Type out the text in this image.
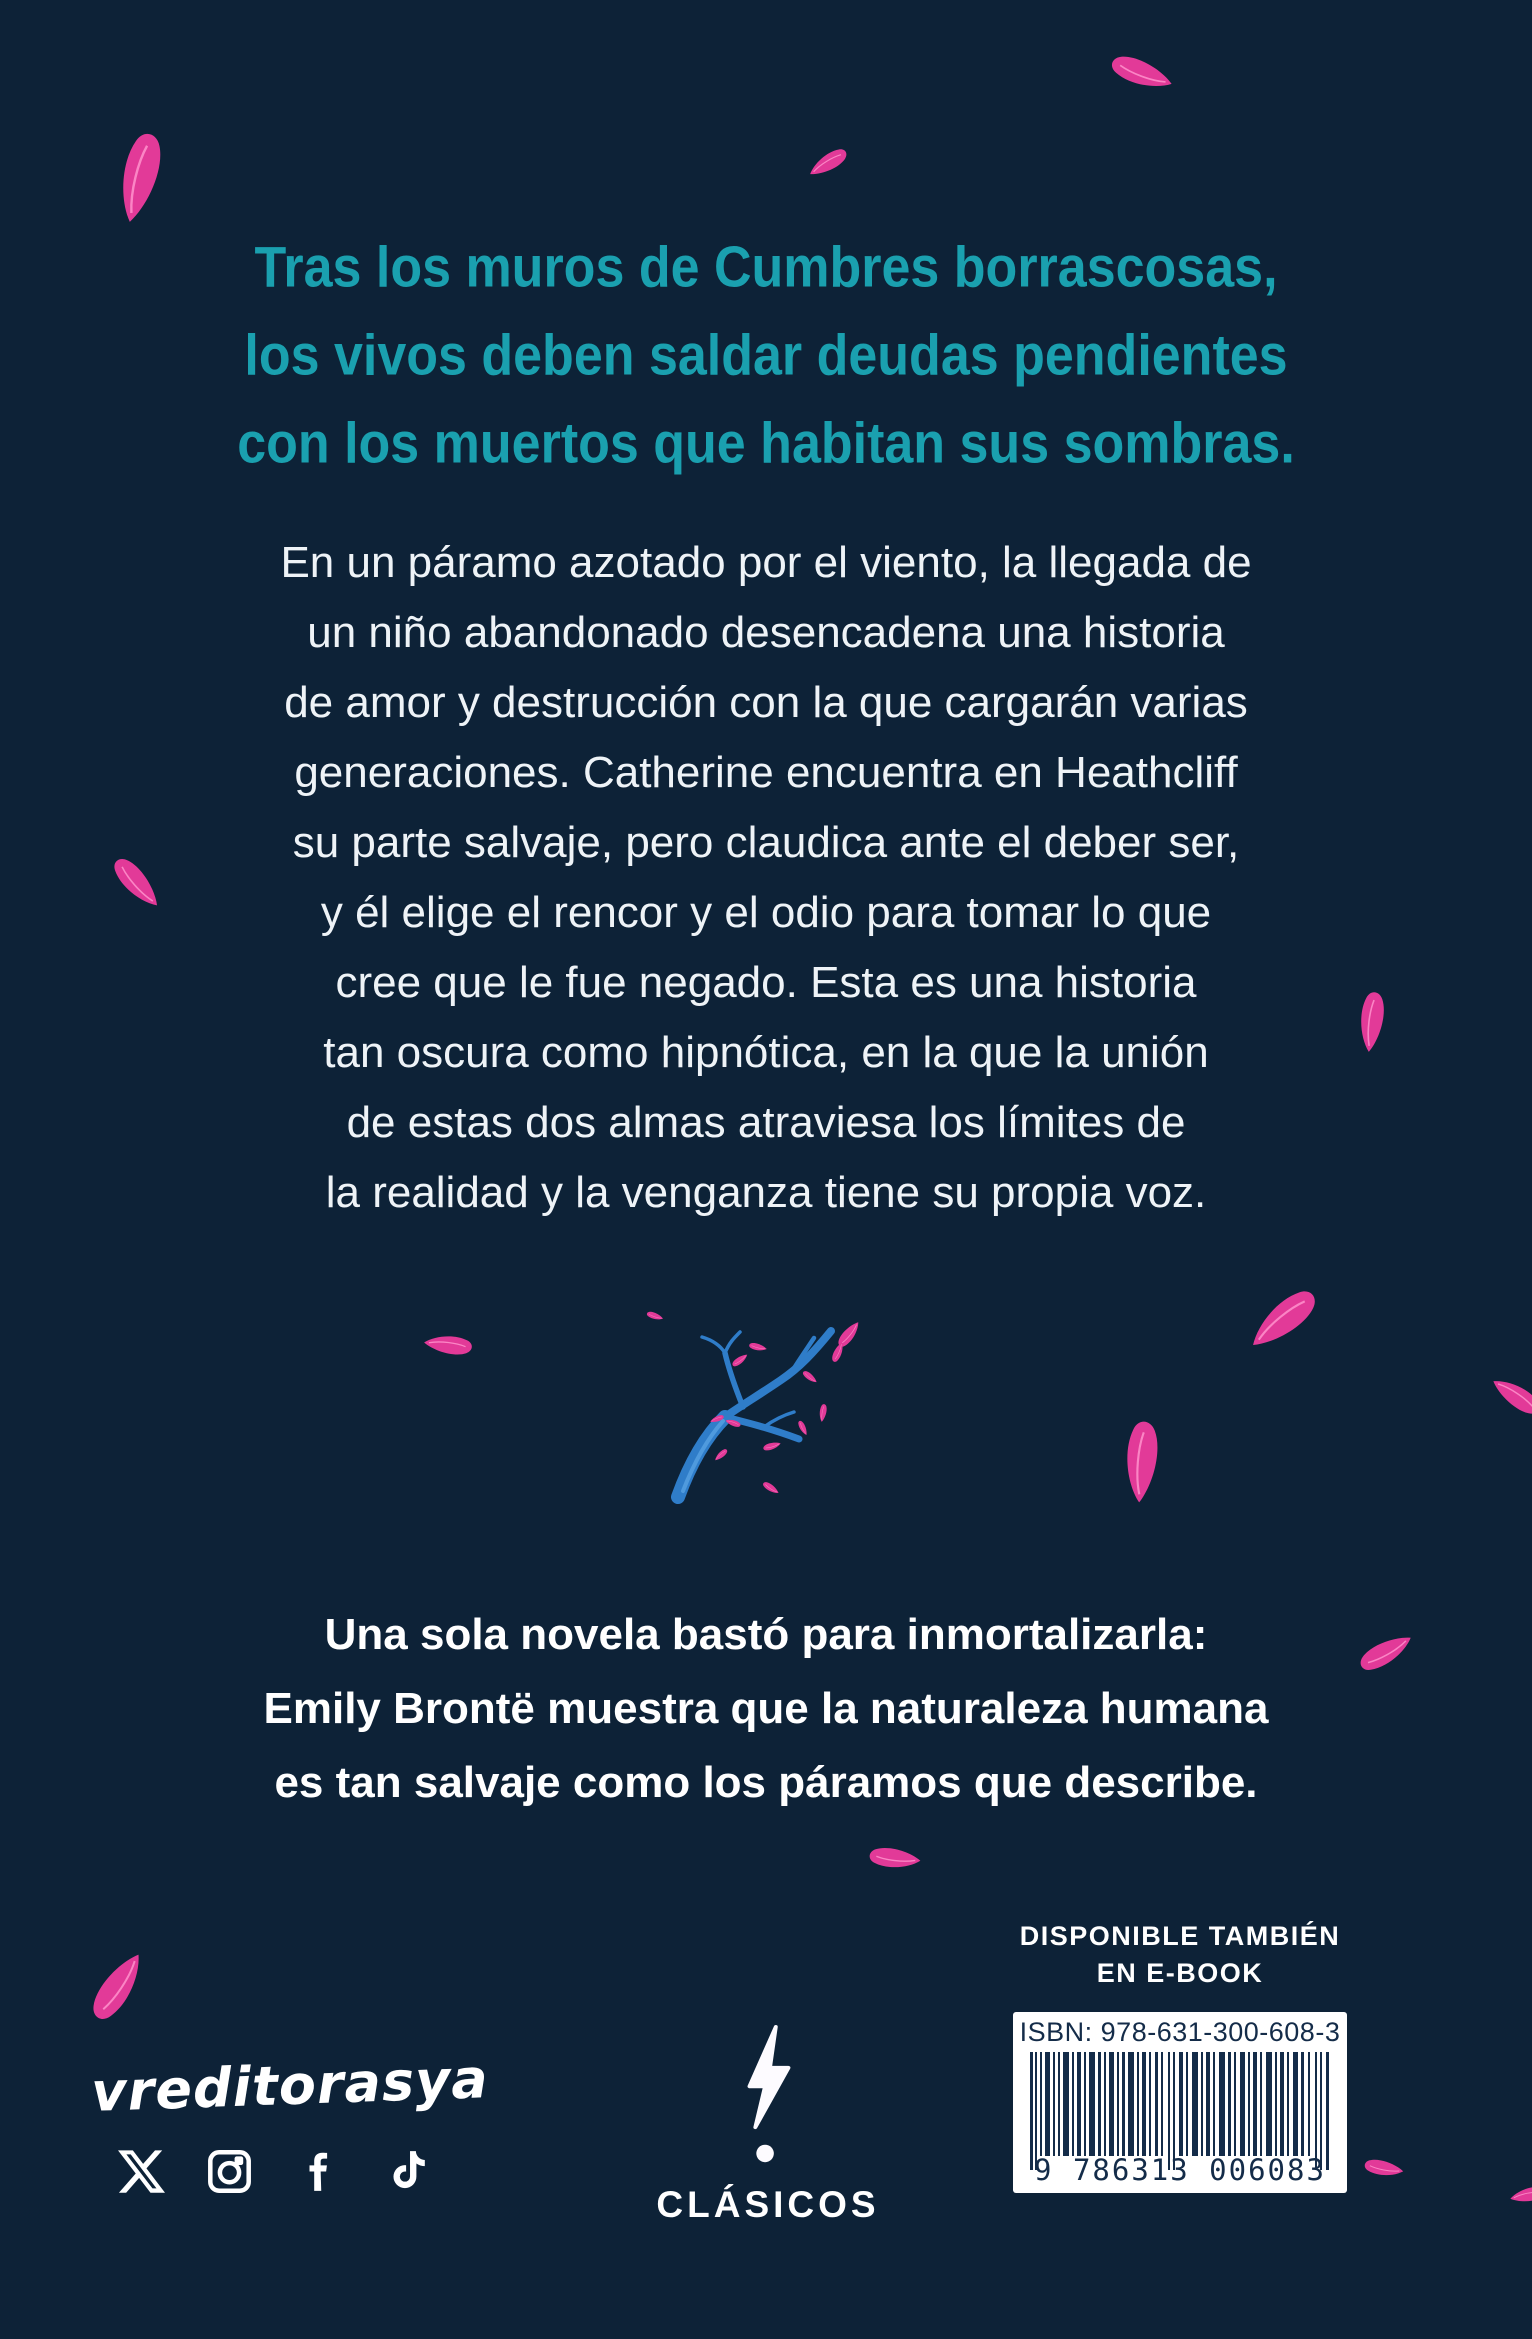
Tras los muros de Cumbres borrascosas,
los vivos deben saldar deudas pendientes
con los muertos que habitan sus sombras.
En un páramo azotado por el viento, la llegada de
un niño abandonado desencadena una historia
de amor y destrucción con la que cargarán varias
generaciones. Catherine encuentra en Heathcliff
su parte salvaje, pero claudica ante el deber ser,
y él elige el rencor y el odio para tomar lo que
cree que le fue negado. Esta es una historia
tan oscura como hipnótica, en la que la unión
de estas dos almas atraviesa los límites de
la realidad y la venganza tiene su propia voz.
Una sola novela bastó para inmortalizarla:
Emily Brontë muestra que la naturaleza humana
es tan salvaje como los páramos que describe.
DISPONIBLE TAMBIÉN
EN E-BOOK
ISBN: 978-631-300-608-3
9 786313 006083
vreditorasya
CLÁSICOS
